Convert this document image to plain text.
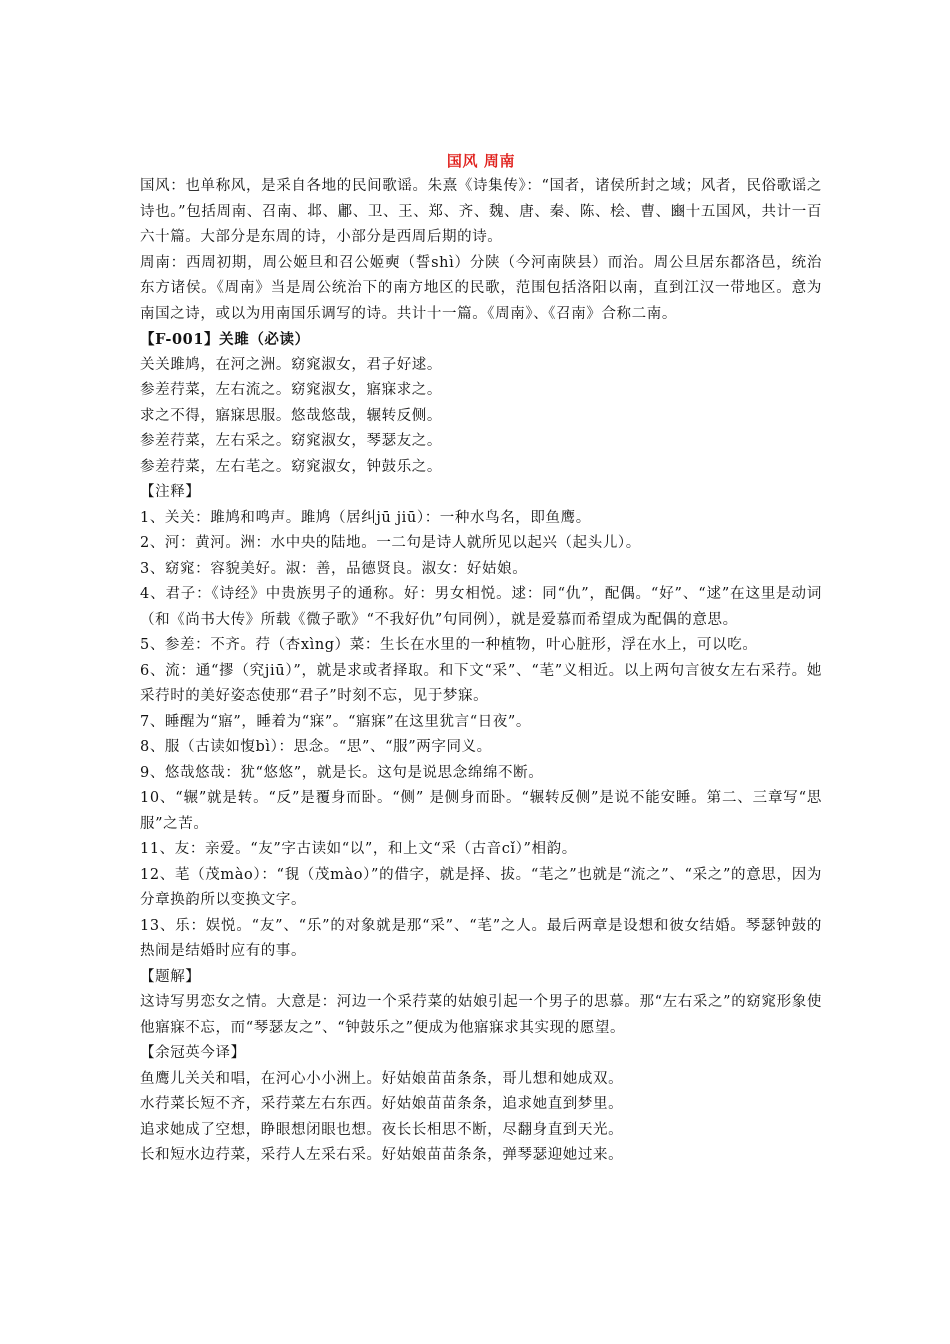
国风 周南

国风：也单称风，是采自各地的民间歌谣。朱熹《诗集传》：“国者，诸侯所封之域；风者，民俗歌谣之诗也。”包括周南、召南、邶、鄘、卫、王、郑、齐、魏、唐、秦、陈、桧、曹、豳十五国风，共计一百六十篇。大部分是东周的诗，小部分是西周后期的诗。

周南：西周初期，周公姬旦和召公姬奭（誓shì）分陕（今河南陕县）而治。周公旦居东都洛邑，统治东方诸侯。《周南》当是周公统治下的南方地区的民歌，范围包括洛阳以南，直到江汉一带地区。意为南国之诗，或以为用南国乐调写的诗。共计十一篇。《周南》、《召南》合称二南。

【F-001】关雎（必读）

关关雎鸠，在河之洲。窈窕淑女，君子好逑。

参差荇菜，左右流之。窈窕淑女，寤寐求之。

求之不得，寤寐思服。悠哉悠哉，辗转反侧。

参差荇菜，左右采之。窈窕淑女，琴瑟友之。

参差荇菜，左右芼之。窈窕淑女，钟鼓乐之。

【注释】

1、关关：雎鸠和鸣声。雎鸠（居纠jū jiū）：一种水鸟名，即鱼鹰。

2、河：黄河。洲：水中央的陆地。一二句是诗人就所见以起兴（起头儿）。

3、窈窕：容貌美好。淑：善，品德贤良。淑女：好姑娘。

4、君子：《诗经》中贵族男子的通称。好：男女相悦。逑：同“仇”，配偶。“好”、“逑”在这里是动词（和《尚书大传》所载《微子歌》“不我好仇”句同例），就是爱慕而希望成为配偶的意思。

5、参差：不齐。荇（杏xìng）菜：生长在水里的一种植物，叶心脏形，浮在水上，可以吃。

6、流：通“摎（究jiū）”，就是求或者择取。和下文“采”、“芼”义相近。以上两句言彼女左右采荇。她采荇时的美好姿态使那“君子”时刻不忘，见于梦寐。

7、睡醒为“寤”，睡着为“寐”。“寤寐”在这里犹言“日夜”。

8、服（古读如愎bì）：思念。“思”、“服”两字同义。

9、悠哉悠哉：犹“悠悠”，就是长。这句是说思念绵绵不断。

10、“辗”就是转。“反”是覆身而卧。“侧” 是侧身而卧。“辗转反侧”是说不能安睡。第二、三章写“思服”之苦。

11、友：亲爱。“友”字古读如“以”，和上文“采（古音cǐ）”相韵。

12、芼（茂mào）：“覒（茂mào）”的借字，就是择、拔。“芼之”也就是“流之”、“采之”的意思，因为分章换韵所以变换文字。

13、乐：娱悦。“友”、“乐”的对象就是那“采”、“芼”之人。最后两章是设想和彼女结婚。琴瑟钟鼓的热闹是结婚时应有的事。

【题解】

这诗写男恋女之情。大意是：河边一个采荇菜的姑娘引起一个男子的思慕。那“左右采之”的窈窕形象使他寤寐不忘，而“琴瑟友之”、“钟鼓乐之”便成为他寤寐求其实现的愿望。

【余冠英今译】

鱼鹰儿关关和唱，在河心小小洲上。好姑娘苗苗条条，哥儿想和她成双。

水荇菜长短不齐，采荇菜左右东西。好姑娘苗苗条条，追求她直到梦里。

追求她成了空想，睁眼想闭眼也想。夜长长相思不断，尽翻身直到天光。

长和短水边荇菜，采荇人左采右采。好姑娘苗苗条条，弹琴瑟迎她过来。
